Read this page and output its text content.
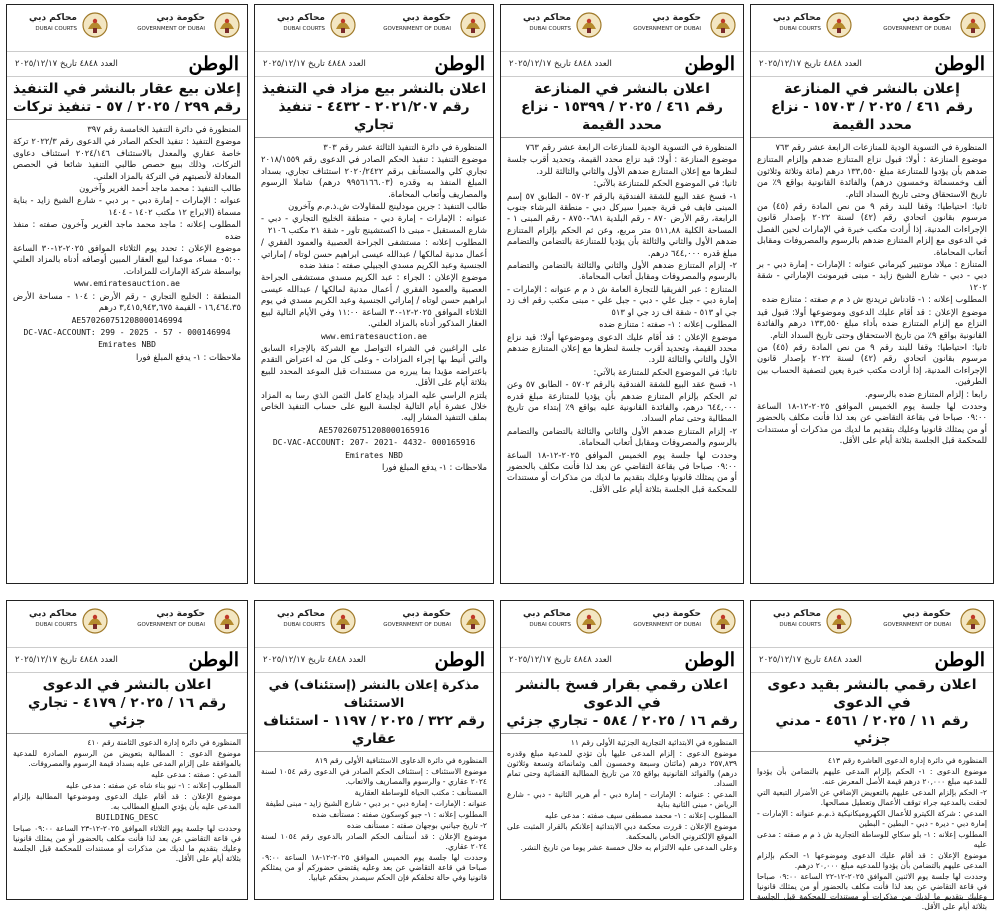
حكومة دبي
GOVERNMENT OF DUBAI
محاكم دبي
DUBAI COURTS
الوطن
العدد ٤٨٤٨ تاريخ ٢٠٢٥/١٢/١٧
إعلان بالنشر في المنازعة
رقم ٤٦١ / ٢٠٢٥ / ١٥٧٠٣ - نزاع محدد القيمة

المنظورة في التسوية الودية للمنازعات الرابعة عشر رقم ٧٦٣

موضوع المنازعة : أولا: قبول نزاع المتنازع ضدهم وإلزام المتنازع ضدهم بأن يؤدوا للمتنازعة مبلغ ١٣٣,٥٥٠ درهم (مائة وثلاثة وثلاثون ألف وخمسمائة وخمسون درهم) والفائدة القانونية بواقع ٩٪ من تاريخ الاستحقاق وحتى تاريخ السداد التام.

ثانيا: احتياطيا: وقفا للبند رقم ٩ من نص المادة رقم (٤٥) من مرسوم بقانون اتحادي رقم (٤٢) لسنة ٢٠٢٢ بإصدار قانون الإجراءات المدنية، إذا أرادت مكتب خبرة في الإمارات لحين الفصل في الدعوى مع إلزام المتنازع ضدهم بالرسوم والمصروفات ومقابل أتعاب المحاماة.

المتنازع : ميلاد مونتيير كيرماني عنوانه : الإمارات - إمارة دبي - بر دبي - دبي - شارع الشيخ زايد - مبنى فيرمونت الإماراتي - شقة ١٢٠٢

المطلوب إعلانه : ١- قادناش تريدنج ش ذ م م صفته : متنازع ضده

موضوع الإعلان : قد أقام عليك الدعوى وموضوعها أولا: قبول قيد النزاع مع إلزام المتنازع ضده بأداء مبلغ ١٣٣,٥٥٠ درهم والفائدة القانونية بواقع ٩٪ من تاريخ الاستحقاق وحتى تاريخ السداد التام.

ثانيا: احتياطيا: وقفا للبند رقم ٩ من نص المادة رقم (٤٥) من مرسوم بقانون اتحادي رقم (٤٢) لسنة ٢٠٢٢ بإصدار قانون الإجراءات المدنية، إذا أرادت مكتب خبرة يعين لتصفية الحساب بين الطرفين.

رابعا : إلزام المتنازع ضده بالرسوم.

وحددت لها جلسة يوم الخميس الموافق ٢٠٢٥-١٢-١٨ الساعة ٠٩:٠٠ صباحا في بقاعة التقاضي عن بعد لذا فأنت مكلف بالحضور أو من يمثلك قانونيا وعليك بتقديم ما لديك من مذكرات أو مستندات للمحكمة قبل الجلسة بثلاثة أيام على الأقل.

حكومة دبي
GOVERNMENT OF DUBAI
محاكم دبي
DUBAI COURTS
الوطن
العدد ٤٨٤٨ تاريخ ٢٠٢٥/١٢/١٧
اعلان بالنشر في المنازعة
رقم ٤٦١ / ٢٠٢٥ / ١٥٣٩٩ - نزاع محدد القيمة

المنظورة في التسوية الودية للمنازعات الرابعة عشر رقم ٧٦٣

موضوع المنازعة : أولا: قيد نزاع محدد القيمة، وتحديد أقرب جلسة لنظرها مع إعلان المتنازع ضدهم الأول والثاني والثالثة للرد.

ثانيا: في الموضوع الحكم للمتنازعة بالآتي:

١- فسخ عقد البيع للشقة الفندقية بالرقم ٥٧٠٢ - الطابق ٥٧ إسم المبنى فايف في قرية جميرا سيركل دبي - منطقة البرشاء جنوب الرابعة، رقم الأرض ٨٧٠ - رقم البلدية ٦٨١-٨٧٥٠ - رقم المبنى ١ - المساحة الكلية ٥١١,٨٨ متر مربع، وعن ثم الحكم بإلزام المتنازع ضدهم الأول والثاني والثالثة بأن يؤديا للمتنازعة بالتضامن والتضامم مبلغ قدره ٦٤٤,٠٠٠ درهم.

٢- إلزام المتنازع ضدهم الأول والثاني والثالثة بالتضامن والتضامم بالرسوم والمصروفات ومقابل أتعاب المحاماة.

المتنازع : عبر الفريقيا للتجارة العامة ش ذ م م عنوانه : الإمارات - إمارة دبي - جبل علي - دبي - جبل علي - مبنى مكتب رقم اف زد جي او ٥١٣ - شقة اف زد جي او ٥١٣

المطلوب إعلانه : ١- صفته : متنازع ضده

موضوع الإعلان : قد أقام عليك الدعوى وموضوعها أولا: قيد نزاع محدد القيمة، وتحديد أقرب جلسة لنظرها مع إعلان المتنازع ضدهم الأول والثاني والثالثة للرد.

ثانيا: في الموضوع الحكم للمتنازعة بالآتي:

١- فسخ عقد البيع للشقة الفندقية بالرقم ٥٧٠٢ - الطابق ٥٧ وعن ثم الحكم بإلزام المتنازع ضدهم بأن يؤديا للمتنازعة مبلغ قدره ٦٤٤,٠٠٠ درهم، والفائدة القانونية عليه بواقع ٩٪ إبتداء من تاريخ المطالبة وحتى تمام السداد.

٢- إلزام المتنازع ضدهم الأول والثاني والثالثة بالتضامن والتضامم بالرسوم والمصروفات ومقابل أتعاب المحاماة.

وحددت لها جلسة يوم الخميس الموافق ٢٠٢٥-١٢-١٨ الساعة ٠٩:٠٠ صباحا في بقاعة التقاضي عن بعد لذا فأنت مكلف بالحضور أو من يمثلك قانونيا وعليك بتقديم ما لديك من مذكرات أو مستندات للمحكمة قبل الجلسة بثلاثة أيام على الأقل.

حكومة دبي
GOVERNMENT OF DUBAI
محاكم دبي
DUBAI COURTS
الوطن
العدد ٤٨٤٨ تاريخ ٢٠٢٥/١٢/١٧
اعلان بالنشر بيع مزاد في التنفيذ
رقم ٢٠٢١/٢٠٧ - ٤٤٣٢ - تنفيذ تجاري

المنظورة في دائرة التنفيذ الثالثة عشر رقم ٣٠٣

موضوع التنفيذ : تنفيذ الحكم الصادر في الدعوى رقم ٢٠١٨/١٥٥٩ تجاري كلي والمستأنف برقم ٢٠٢٠/٢٤٢٢ استئناف تجاري، بسداد المبلغ المنفذ به وقدره (٩٩٥٦١٦٦.٠٣ درهم) شاملا الرسوم والمصاريف وأتعاب المحاماة.

طالب التنفيذ : جرين مودلينج للمقاولات ش.ذ.م.م وآخرون

عنوانه : الإمارات - إمارة دبي - منطقة الخليج التجاري - دبي - شارع المستقبل - مبنى ذا اكستشينج تاور - شقة ٢١ مكتب ٢١٠٦

المطلوب إعلانه : مستشفى الجراحة العصبية والعمود الفقري / أعمال مدنية لمالكها / عبدالله عيسى ابراهيم حسن لوتاه / إماراتي الجنسية وعبد الكريم مسدي الجبيلي صفته : منفذ ضده

موضوع الإعلان : الجراء : عبد الكريم مسدي مستشفى الجراحة العصبية والعمود الفقري / أعمال مدنية لمالكها / عبدالله عيسى ابراهيم حسن لوتاه / إماراتي الجنسية وعبد الكريم مسدي في يوم الثلاثاء الموافق ٢٠٢٥-١٢-٣٠ الساعة ١١:٠٠ وفي الأيام التالية لبيع العقار المذكور أدناه بالمزاد العلني.

www.emiratesauction.ae

على الراغبين في الشراء التواصل مع الشركة بالإجراء السابق والتي أنيط بها إجراء المزادات - وعلى كل من له اعتراض التقدم باعتراضه مؤيدا بما يبرره من مستندات قبل الموعد المحدد للبيع بثلاثة أيام على الأقل.

يلتزم الراسي عليه المزاد بإيداع كامل الثمن الذي رسا به المزاد خلال عشرة أيام التالية لجلسة البيع على حساب التنفيذ الخاص بملف التنفيذ المشار إليه.

AE570260751208000165916

DC-VAC-ACCOUNT: 207- 2021- 4432- 000165916

Emirates NBD

ملاحظات : ١- يدفع المبلغ فورا

حكومة دبي
GOVERNMENT OF DUBAI
محاكم دبي
DUBAI COURTS
الوطن
العدد ٤٨٤٨ تاريخ ٢٠٢٥/١٢/١٧
إعلان بيع عقار بالنشر في التنفيذ
رقم ٢٩٩ / ٢٠٢٥ / ٥٧ - تنفيذ تركات

المنظورة في دائرة التنفيذ الخامسة رقم ٣٩٧

موضوع التنفيذ : تنفيذ الحكم الصادر في الدعوى رقم ٢٠٢٢/٣ تركة خاصة عقاري والمعدل بالاستئناف ٢٠٢٤/١٤٦ استئناف دعاوى التركات، وذلك ببيع حصص طالبي التنفيذ شائعا في الحصص المعادلة لأنصبتهم في التركة بالمزاد العلني.

طالب التنفيذ : محمد ماجد أحمد الغرير وآخرون

عنوانه : الإمارات - إمارة دبي - بر دبي - شارع الشيخ زايد - بناية مسماة (الابراج ١٢ مكتب ١٤٠٢ - ١٤٠٤

المطلوب إعلانه : ماجد محمد ماجد الغرير وآخرون صفته : منفذ ضده

موضوع الإعلان : تحدد يوم الثلاثاء الموافق ٢٠٢٥-١٢-٣٠ الساعة ٠٥:٠٠ مساء، موعدا لبيع العقار المبين أوصافه أدناه بالمزاد العلني بواسطة شركة الإمارات للمزادات.

www.emiratesauction.ae

المنطقة : الخليج التجاري - رقم الأرض : ١٠٤ - مساحة الأرض ١٦,٤٦٤.٣٥ - القيمة ٣,٤١٥,٩٤٣,٦٧٥ درهم

AE570260751208000146994

DC-VAC-ACCOUNT: 299 - 2025 - 57 - 000146994

Emirates NBD

ملاحظات : ١- يدفع المبلغ فورا

حكومة دبي
GOVERNMENT OF DUBAI
محاكم دبي
DUBAI COURTS
الوطن
العدد ٤٨٤٨ تاريخ ٢٠٢٥/١٢/١٧
اعلان رقمي بالنشر بقيد دعوى في الدعوى
رقم ١١ / ٢٠٢٥ / ٤٥٦١ - مدني جزئي

المنظورة في دائرة إدارة الدعوى العاشرة رقم ٤١٣

موضوع الدعوى : ١- الحكم بإلزام المدعى عليهم بالتضامن بأن يؤدوا للمدعيه مبلغ ٢٠,٠٠٠ درهم قيمة الأصل المعرض عنه.

٢- الحكم بإلزام المدعى عليهم بالتعويض الإضافي عن الأضرار التبعية التي لحقت بالمدعيه جراء توقف الأعمال وتعطيل مصالحها.

المدعي : شركة الكيترو للأعمال الكهروميكانيكية ذ.م.م عنوانه : الإمارات - إمارة دبي - ديرة - دبي - البطين - البطين

المطلوب إعلانه : ١- بلو سكاي للوساطة التجارية ش ذ م م صفته : مدعى عليه

موضوع الإعلان : قد أقام عليك الدعوى وموضوعها ١- الحكم بإلزام المدعى عليهم بالتضامن بأن يؤدوا للمدعيه مبلغ ٢٠,٠٠٠ درهم.

وحددت لها جلسة يوم الاثنين الموافق ٢٠٢٥-١٢-٢٢ الساعة ٠٩:٠٠ صباحا في قاعة التقاضي عن بعد لذا فأنت مكلف بالحضور أو من يمثلك قانونيا وعليك بتقديم ما لديك من مذكرات أو مستندات للمحكمة قبل الجلسة بثلاثة أيام على الأقل.

حكومة دبي
GOVERNMENT OF DUBAI
محاكم دبي
DUBAI COURTS
الوطن
العدد ٤٨٤٨ تاريخ ٢٠٢٥/١٢/١٧
اعلان رقمي بقرار فسخ بالنشر في الدعوى
رقم ١٦ / ٢٠٢٥ / ٥٨٤ - تجاري جزئي

المنظورة في الابتدائية التجارية الجزئية الأولى رقم ١١

موضوع الدعوى : إلزام المدعى عليها بأن تؤدي للمدعية مبلغ وقدره ٢٥٧,٨٣٩ درهم (مائتان وسبعة وخمسون ألف وثمانمائة وتسعة وثلاثون درهم) والفوائد القانونية بواقع ٥٪ من تاريخ المطالبة القضائية وحتى تمام السداد.

المدعي : عنوانه : الإمارات - إمارة دبي - أم هرير الثانية - دبي - شارع الرياض - مبنى الثانية بناية

المطلوب إعلانه : ١- محمد مصطفى سيف صفته : مدعى عليه

موضوع الإعلان : قررت محكمة دبي الابتدائية إعلانكم بالقرار المثبت على الموقع الإلكتروني الخاص بالمحكمة.

وعلى المدعى عليه الالتزام به خلال خمسة عشر يوما من تاريخ النشر.

حكومة دبي
GOVERNMENT OF DUBAI
محاكم دبي
DUBAI COURTS
الوطن
العدد ٤٨٤٨ تاريخ ٢٠٢٥/١٢/١٧
مذكرة إعلان بالنشر (إستئناف) في الاستئناف
رقم ٣٢٢ / ٢٠٢٥ / ١١٩٧ - استئناف عقاري

المنظورة في دائرة الدعاوى الاستئنافية الأولى رقم ٨١٩

موضوع الاستئناف : إستئناف الحكم الصادر في الدعوى رقم ١٠٥٤ لسنة ٢٠٢٤ عقاري - والرسوم والمصاريف والاتعاب.

المستأنف : مكتب الحياة للوساطة العقارية

عنوانه : الإمارات - إمارة دبي - بر دبي - شارع الشيخ زايد - مبنى لطيفة

المطلوب إعلانه : ١- جيو كوسكون صفته : مستأنف ضده

٢- تاريخ جيانبي بوجهان صفته : مستأنف ضده

موضوع الإعلان : قد أستأنف الحكم الصادر بالدعوى رقم ١٠٥٤ لسنة ٢٠٢٤ عقاري.

وحددت لها جلسة يوم الخميس الموافق ٢٠٢٥-١٢-١٨ الساعة ٠٩:٠٠ صباحا في قاعة التقاضي عن بعد وعليه يقتضي حضوركم أو من يمثلكم قانونيا وفي حالة تخلفكم فإن الحكم سيصدر بحقكم غيابيا.

حكومة دبي
GOVERNMENT OF DUBAI
محاكم دبي
DUBAI COURTS
الوطن
العدد ٤٨٤٨ تاريخ ٢٠٢٥/١٢/١٧
اعلان بالنشر في الدعوى
رقم ١٦ / ٢٠٢٥ / ٤١٧٩ - تجاري جزئي

المنظورة في دائرة إدارة الدعوى الثامنة رقم ٤١٠

موضوع الدعوى : المطالبة بتعويض من الرسوم الصادرة للمدعية بالموافقة على إلزام المدعى عليه بسداد قيمة الرسوم والمصروفات.

المدعي : صفته : مدعى عليه

المطلوب إعلانه : ١- نيو بناء شاه عن صفته : مدعى عليه

موضوع الإعلان : قد أقام عليك الدعوى وموضوعها المطالبة بإلزام المدعى عليه بأن يؤدي المبلغ المطالب به.

BUILDING_DESC

وحددت لها جلسة يوم الثلاثاء الموافق ٢٠٢٥-١٢-٢٣ الساعة ٠٩:٠٠ صباحا في قاعة التقاضي عن بعد لذا فأنت مكلف بالحضور أو من يمثلك قانونيا وعليك بتقديم ما لديك من مذكرات أو مستندات للمحكمة قبل الجلسة بثلاثة أيام على الأقل.
